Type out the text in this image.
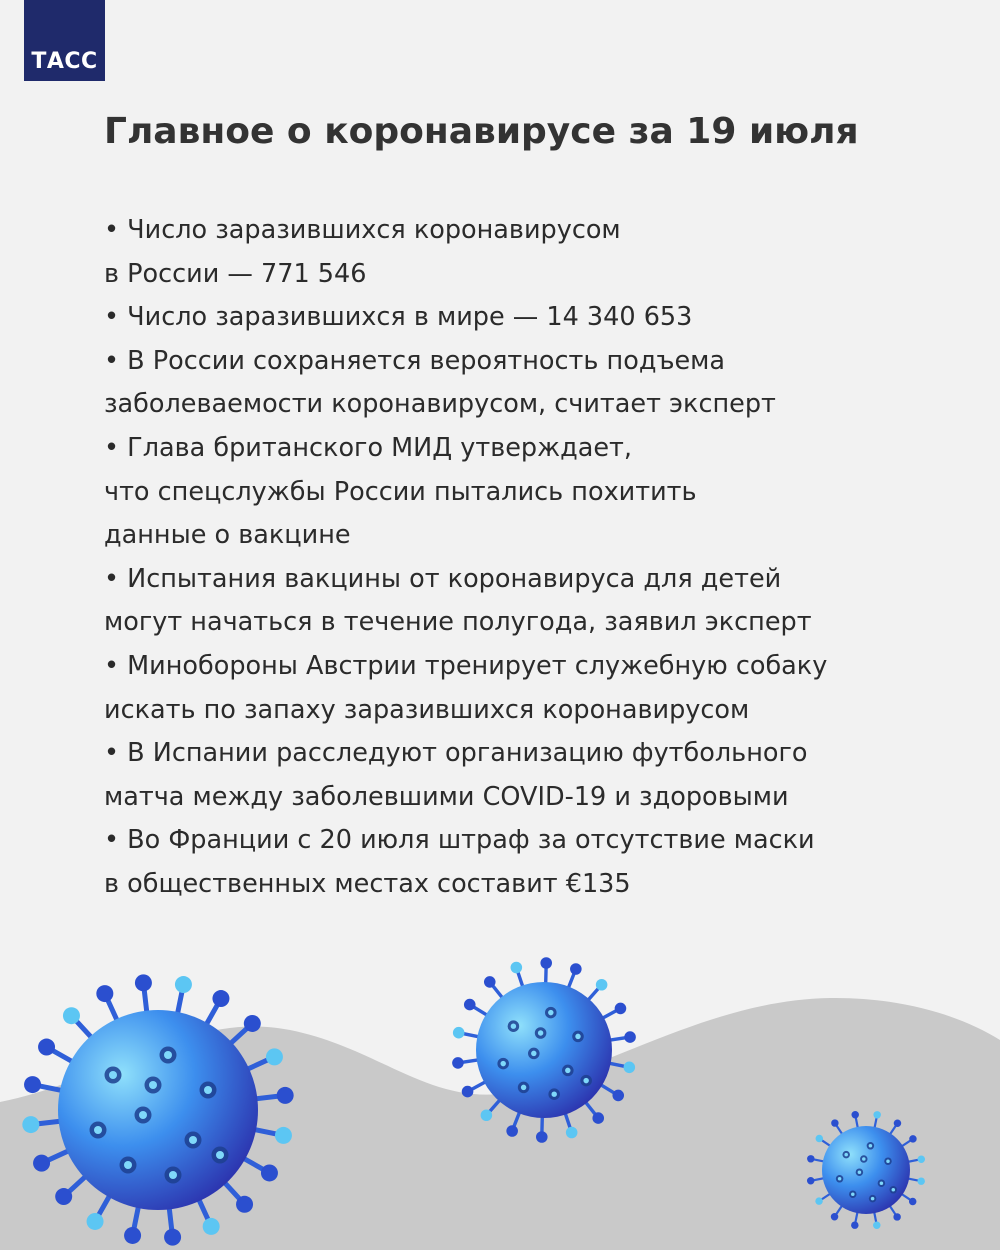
ТАСС
Главное о коронавирусе за 19 июля
• Число заразившихся коронавирусом
в России — 771 546
• Число заразившихся в мире — 14 340 653
• В России сохраняется вероятность подъема
заболеваемости коронавирусом, считает эксперт
• Глава британского МИД утверждает,
что спецслужбы России пытались похитить
данные о вакцине
• Испытания вакцины от коронавируса для детей
могут начаться в течение полугода, заявил эксперт
• Минобороны Австрии тренирует служебную собаку
искать по запаху заразившихся коронавирусом
• В Испании расследуют организацию футбольного
матча между заболевшими COVID-19 и здоровыми
• Во Франции с 20 июля штраф за отсутствие маски
в общественных местах составит €135
